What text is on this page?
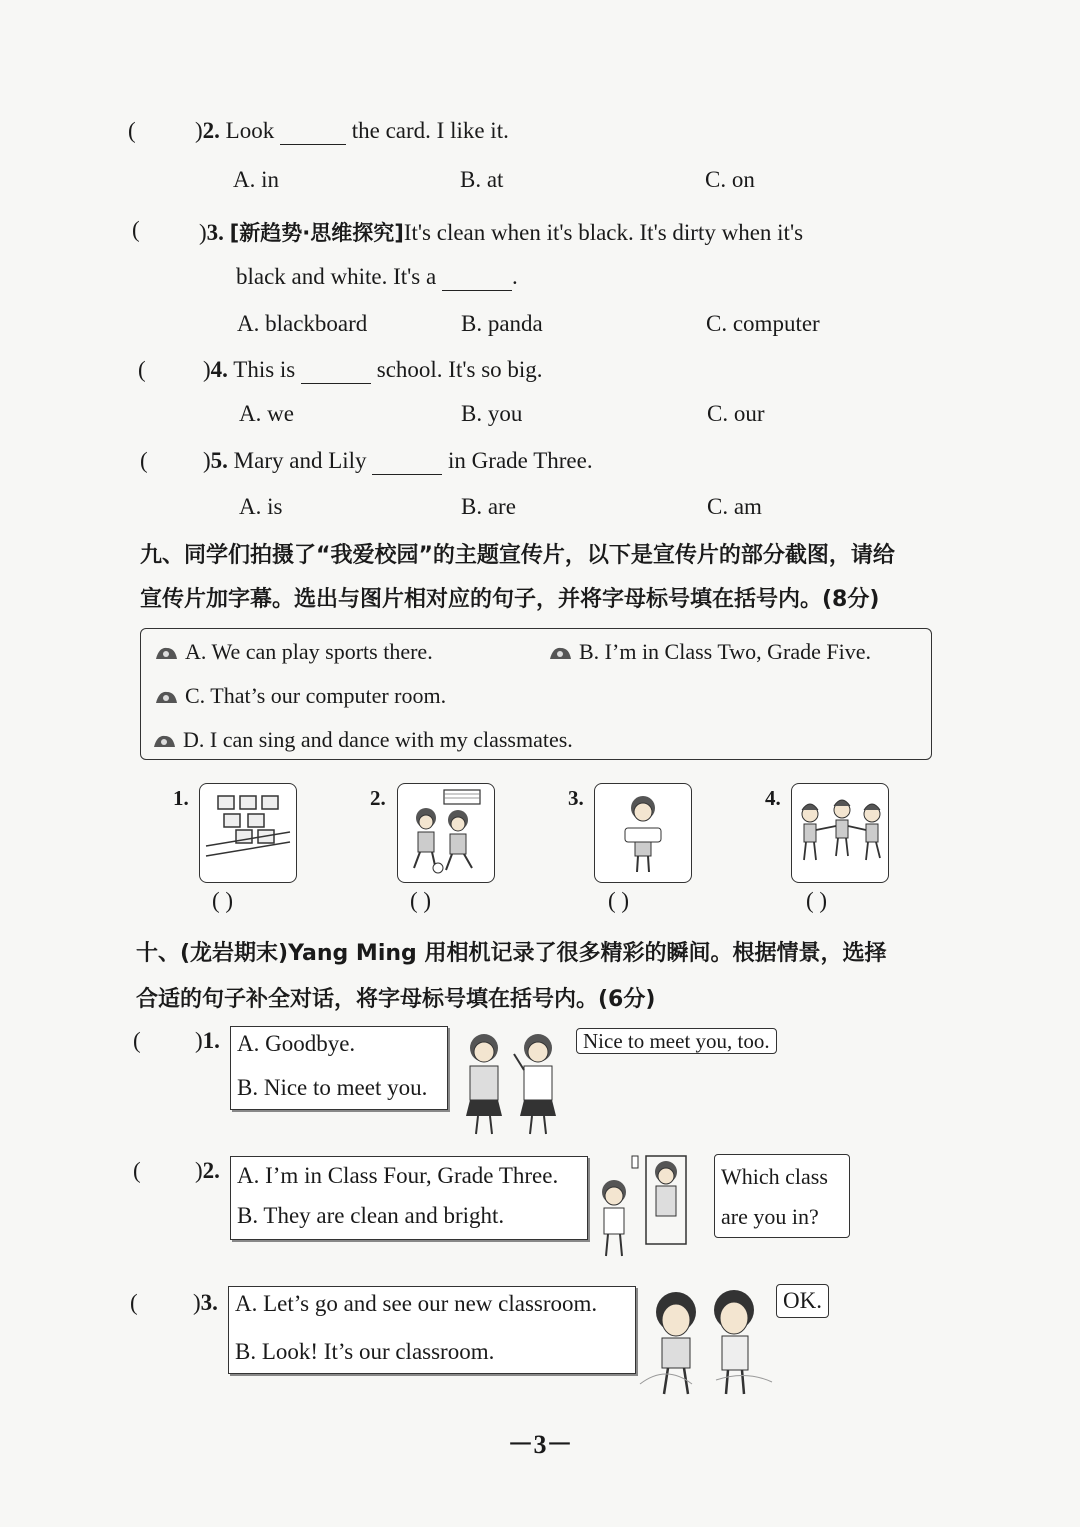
(	)2. Look	the card. I like it.
A. in	B. at	C. on
(	)3. [新趋势·思维探究]It's clean when it's black. It's dirty when it's
black and white. It's a	.
A. blackboard	B. panda	C. computer
( )4. This is	school. It's so big.
A. we	B. you	C. our
( )5. Mary and Lily	in Grade Three.
A. is	B. are	C. am
九、同学们拍摄了“我爱校园”的主题宣传片，以下是宣传片的部分截图，请给
宣传片加字幕。选出与图片相对应的句子，并将字母标号填在括号内。(8分)
A. We can play sports there.	B. I’m in Class Two, Grade Five.
C. That’s our computer room.
D. I can sing and dance with my classmates.
1.
( )
2.
( )
3.
( )
4.
( )
十、(龙岩期末)Yang Ming 用相机记录了很多精彩的瞬间。根据情景，选择
合适的句子补全对话，将字母标号填在括号内。(6分)
( )1. A. Goodbye.
B. Nice to meet you.
Nice to meet you, too.
( )2. A. I’m in Class Four, Grade Three.
B. They are clean and bright.
Which class
are you in?
( )3. A. Let’s go and see our new classroom.
B. Look! It’s our classroom.
OK.
－3－
